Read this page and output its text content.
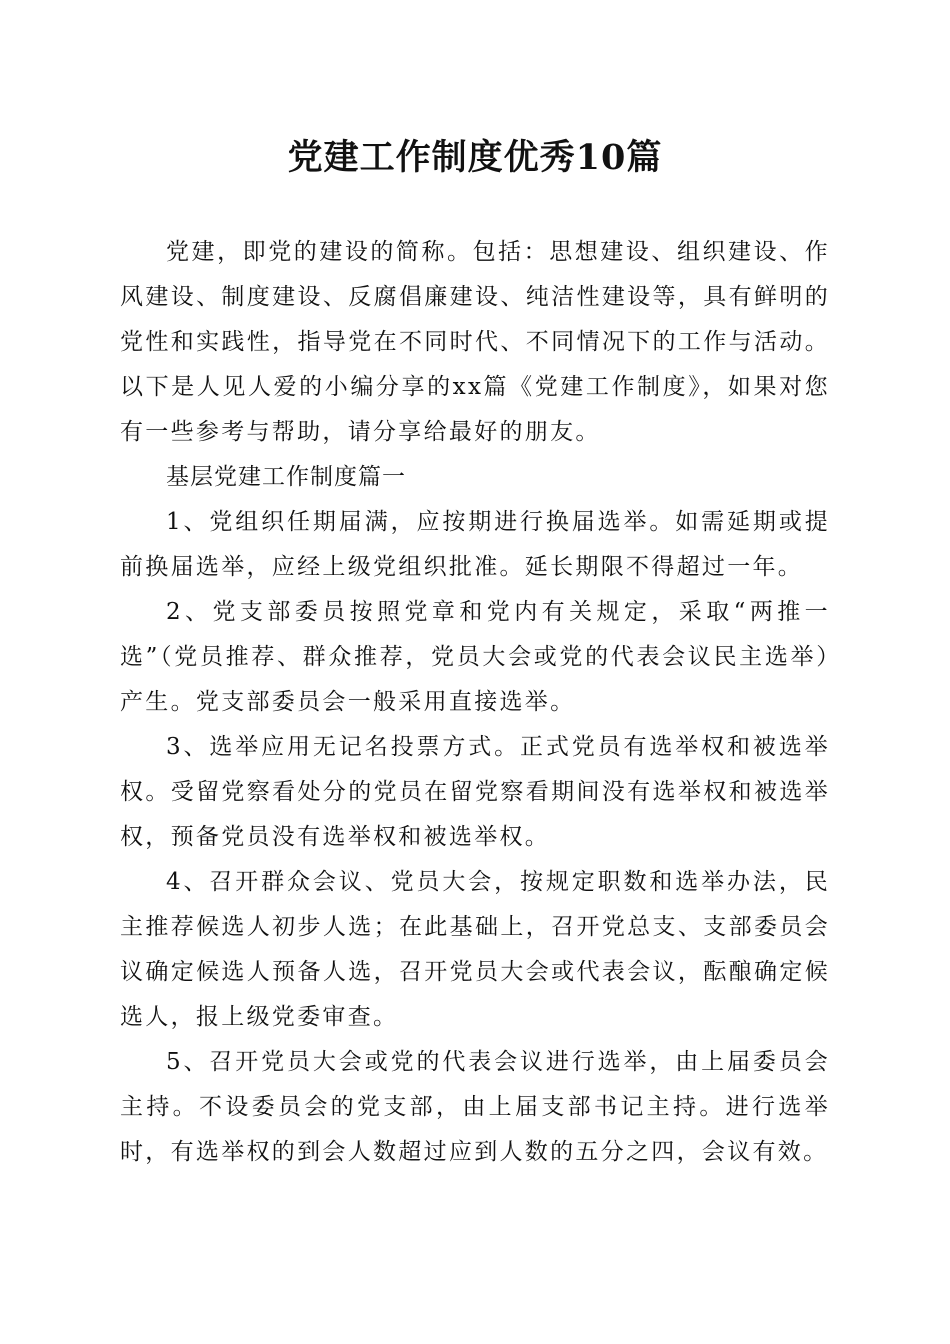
党建工作制度优秀10篇

党建，即党的建设的简称。包括：思想建设、组织建设、作风建设、制度建设、反腐倡廉建设、纯洁性建设等，具有鲜明的党性和实践性，指导党在不同时代、不同情况下的工作与活动。以下是人见人爱的小编分享的xx篇《党建工作制度》，如果对您有一些参考与帮助，请分享给最好的朋友。

基层党建工作制度篇一

1、党组织任期届满，应按期进行换届选举。如需延期或提前换届选举，应经上级党组织批准。延长期限不得超过一年。

2、党支部委员按照党章和党内有关规定，采取“两推一选”（党员推荐、群众推荐，党员大会或党的代表会议民主选举）产生。党支部委员会一般采用直接选举。

3、选举应用无记名投票方式。正式党员有选举权和被选举权。受留党察看处分的党员在留党察看期间没有选举权和被选举权，预备党员没有选举权和被选举权。

4、召开群众会议、党员大会，按规定职数和选举办法，民主推荐候选人初步人选；在此基础上，召开党总支、支部委员会议确定候选人预备人选，召开党员大会或代表会议，酝酿确定候选人，报上级党委审查。

5、召开党员大会或党的代表会议进行选举，由上届委员会主持。不设委员会的党支部，由上届支部书记主持。进行选举时，有选举权的到会人数超过应到人数的五分之四，会议有效。
